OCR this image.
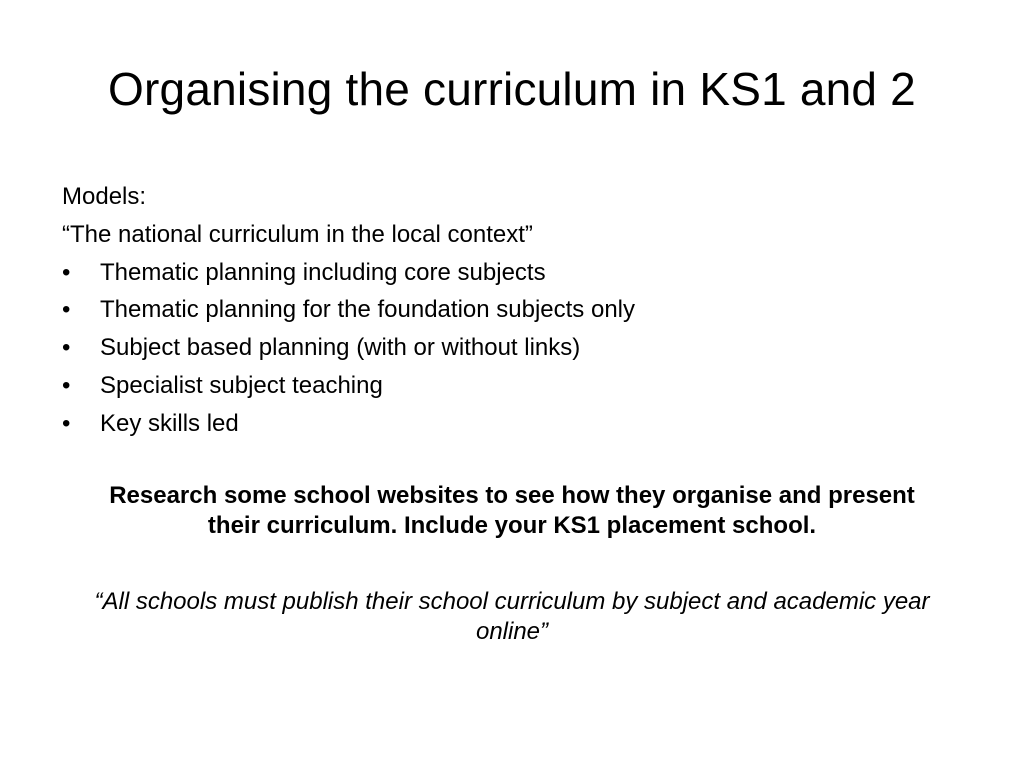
Organising the curriculum in KS1 and 2

Models:

“The national curriculum in the local context”

• Thematic planning including core subjects
• Thematic planning for the foundation subjects only
• Subject based planning (with or without links)
• Specialist subject teaching
• Key skills led

Research some school websites to see how they organise and present their curriculum. Include your KS1 placement school.

“All schools must publish their school curriculum by subject and academic year online”
